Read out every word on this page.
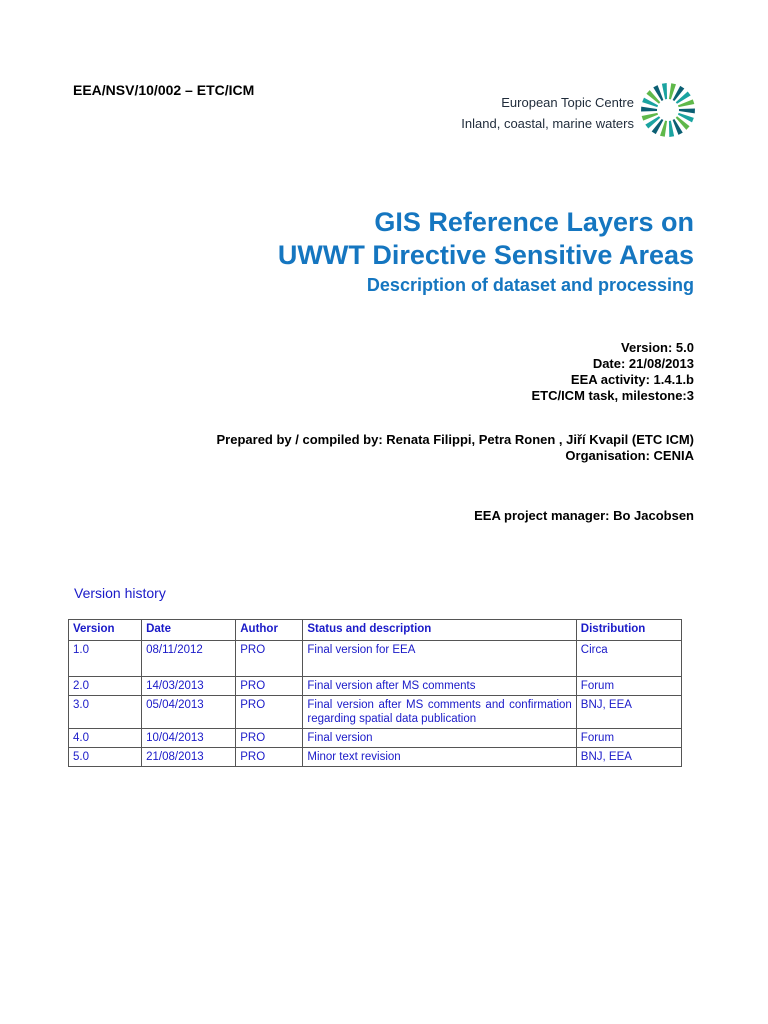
EEA/NSV/10/002 – ETC/ICM
European Topic Centre
Inland, coastal, marine waters
GIS Reference Layers on
UWWT Directive Sensitive Areas
Description of dataset and processing
Version: 5.0
Date: 21/08/2013
EEA activity: 1.4.1.b
ETC/ICM task, milestone:3
Prepared by / compiled by: Renata Filippi, Petra Ronen , Jiří Kvapil (ETC ICM)
Organisation: CENIA
EEA project manager: Bo Jacobsen
Version history
Version	Date	Author	Status and description	Distribution
1.0	08/11/2012	PRO	Final version for EEA	Circa
2.0	14/03/2013	PRO	Final version after MS comments	Forum
3.0	05/04/2013	PRO	Final version after MS comments and confirmation regarding spatial data publication	BNJ, EEA
4.0	10/04/2013	PRO	Final version	Forum
5.0	21/08/2013	PRO	Minor text revision	BNJ, EEA
